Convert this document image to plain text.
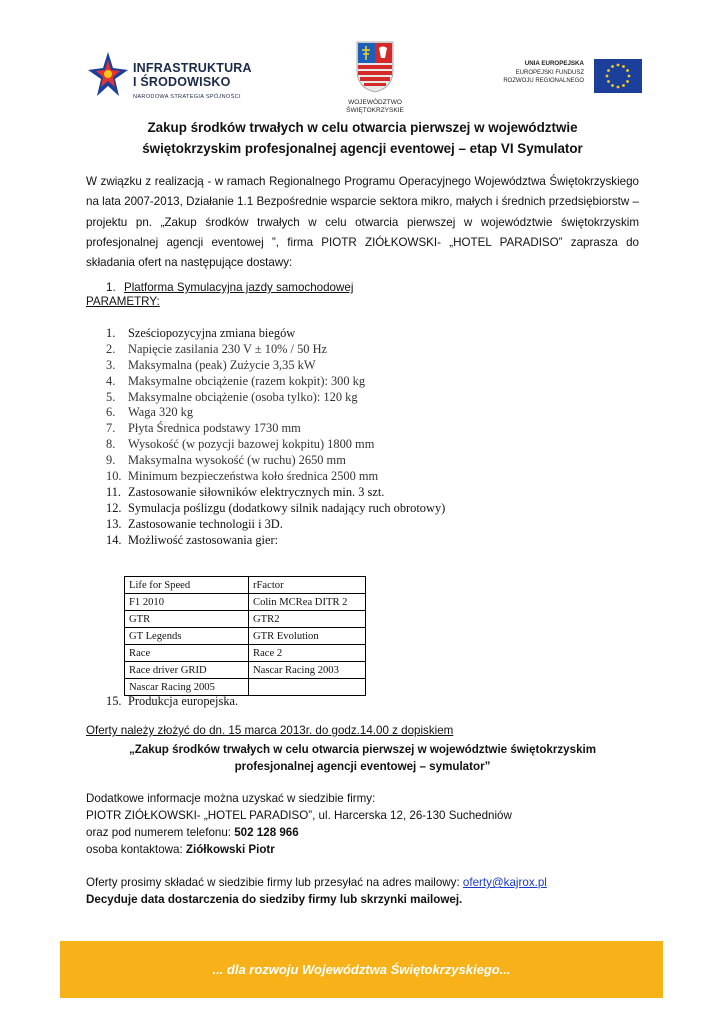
INFRASTRUKTURA
I ŚRODOWISKO
NARODOWA STRATEGIA SPÓJNOŚCI
WOJEWÓDZTWO
ŚWIĘTOKRZYSKIE
UNIA EUROPEJSKA
EUROPEJSKI FUNDUSZ
ROZWOJU REGIONALNEGO
Zakup środków trwałych w celu otwarcia pierwszej w województwie
świętokrzyskim profesjonalnej agencji eventowej – etap VI Symulator
W związku z realizacją - w ramach Regionalnego Programu Operacyjnego Województwa Świętokrzyskiego na lata 2007-2013, Działanie 1.1 Bezpośrednie wsparcie sektora mikro, małych i średnich przedsiębiorstw – projektu pn. „Zakup środków trwałych w celu otwarcia pierwszej w województwie świętokrzyskim profesjonalnej agencji eventowej ”, firma PIOTR ZIÓŁKOWSKI- „HOTEL PARADISO” zaprasza do składania ofert na następujące dostawy:
1. Platforma Symulacyjna jazdy samochodowej
PARAMETRY:
1. Sześciopozycyjna zmiana biegów
2. Napięcie zasilania 230 V ± 10% / 50 Hz
3. Maksymalna (peak) Zużycie 3,35 kW
4. Maksymalne obciążenie (razem kokpit): 300 kg
5. Maksymalne obciążenie (osoba tylko): 120 kg
6. Waga 320 kg
7. Płyta Średnica podstawy 1730 mm
8. Wysokość (w pozycji bazowej kokpitu) 1800 mm
9. Maksymalna wysokość (w ruchu) 2650 mm
10. Minimum bezpieczeństwa koło średnica 2500 mm
11. Zastosowanie siłowników elektrycznych min. 3 szt.
12. Symulacja poślizgu (dodatkowy silnik nadający ruch obrotowy)
13. Zastosowanie technologii i 3D.
14. Możliwość zastosowania gier:
Life for Speed	rFactor
F1 2010	Colin MCRea DITR 2
GTR	GTR2
GT Legends	GTR Evolution
Race	Race 2
Race driver GRID	Nascar Racing 2003
Nascar Racing 2005	
15. Produkcja europejska.
Oferty należy złożyć do dn. 15 marca 2013r. do godz.14.00 z dopiskiem
„Zakup środków trwałych w celu otwarcia pierwszej w województwie świętokrzyskim
profesjonalnej agencji eventowej – symulator”
Dodatkowe informacje można uzyskać w siedzibie firmy:
PIOTR ZIÓŁKOWSKI- „HOTEL PARADISO”, ul. Harcerska 12, 26-130 Suchedniów
oraz pod numerem telefonu: 502 128 966
osoba kontaktowa: Ziółkowski Piotr
Oferty prosimy składać w siedzibie firmy lub przesyłać na adres mailowy: oferty@kajrox.pl
Decyduje data dostarczenia do siedziby firmy lub skrzynki mailowej.
... dla rozwoju Województwa Świętokrzyskiego...
